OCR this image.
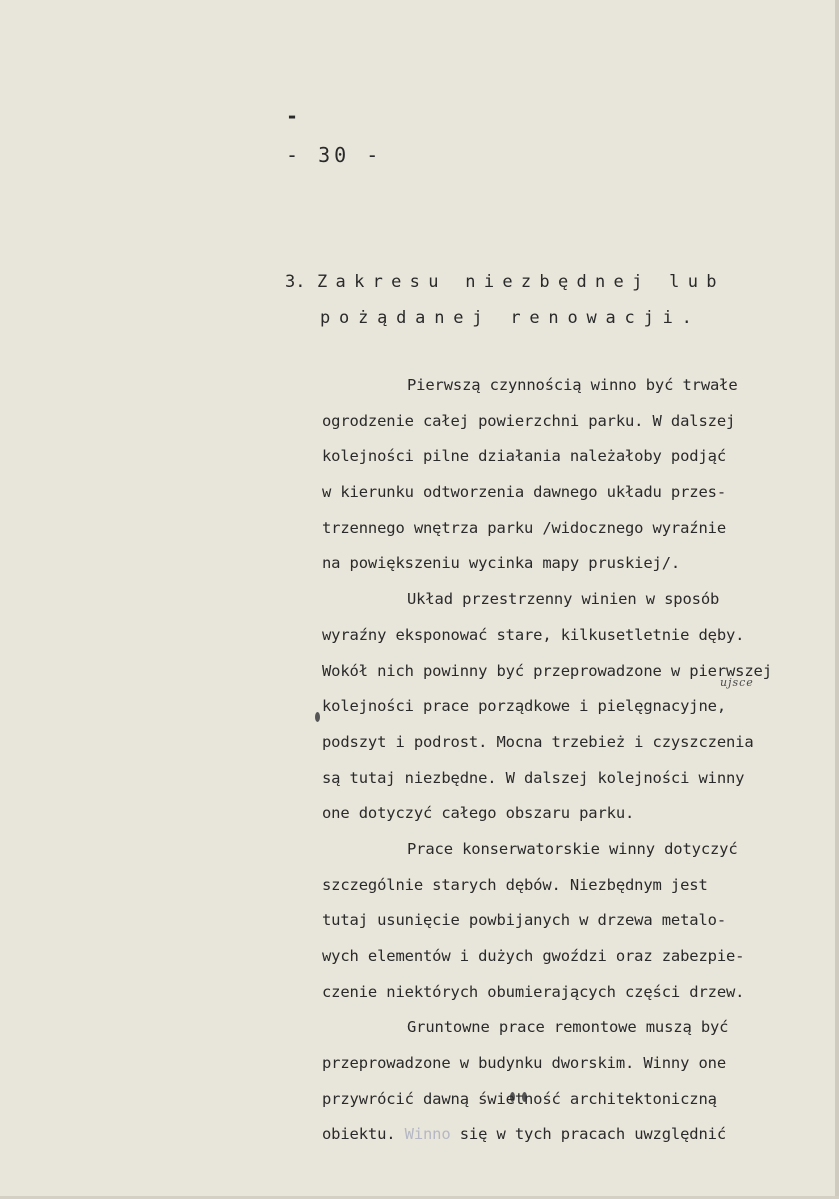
-
- 30 -
3. Zakresu niezbędnej lub
pożądanej renowacji.
ujsce
Pierwszą czynnością winno być trwałe
ogrodzenie całej powierzchni parku. W dalszej
kolejności pilne działania należałoby podjąć
w kierunku odtworzenia dawnego układu przes-
trzennego wnętrza parku /widocznego wyraźnie
na powiększeniu wycinka mapy pruskiej/.
Układ przestrzenny winien w sposób
wyraźny eksponować stare, kilkusetletnie dęby.
Wokół nich powinny być przeprowadzone w pierwszej
kolejności prace porządkowe i pielęgnacyjne,
podszyt i podrost. Mocna trzebież i czyszczenia
są tutaj niezbędne. W dalszej kolejności winny
one dotyczyć całego obszaru parku.
Prace konserwatorskie winny dotyczyć
szczególnie starych dębów. Niezbędnym jest
tutaj usunięcie powbijanych w drzewa metalo-
wych elementów i dużych gwoździ oraz zabezpie-
czenie niektórych obumierających części drzew.
Gruntowne prace remontowe muszą być
przeprowadzone w budynku dworskim. Winny one
przywrócić dawną świetność architektoniczną
obiektu. Winno się w tych pracach uwzględnić
